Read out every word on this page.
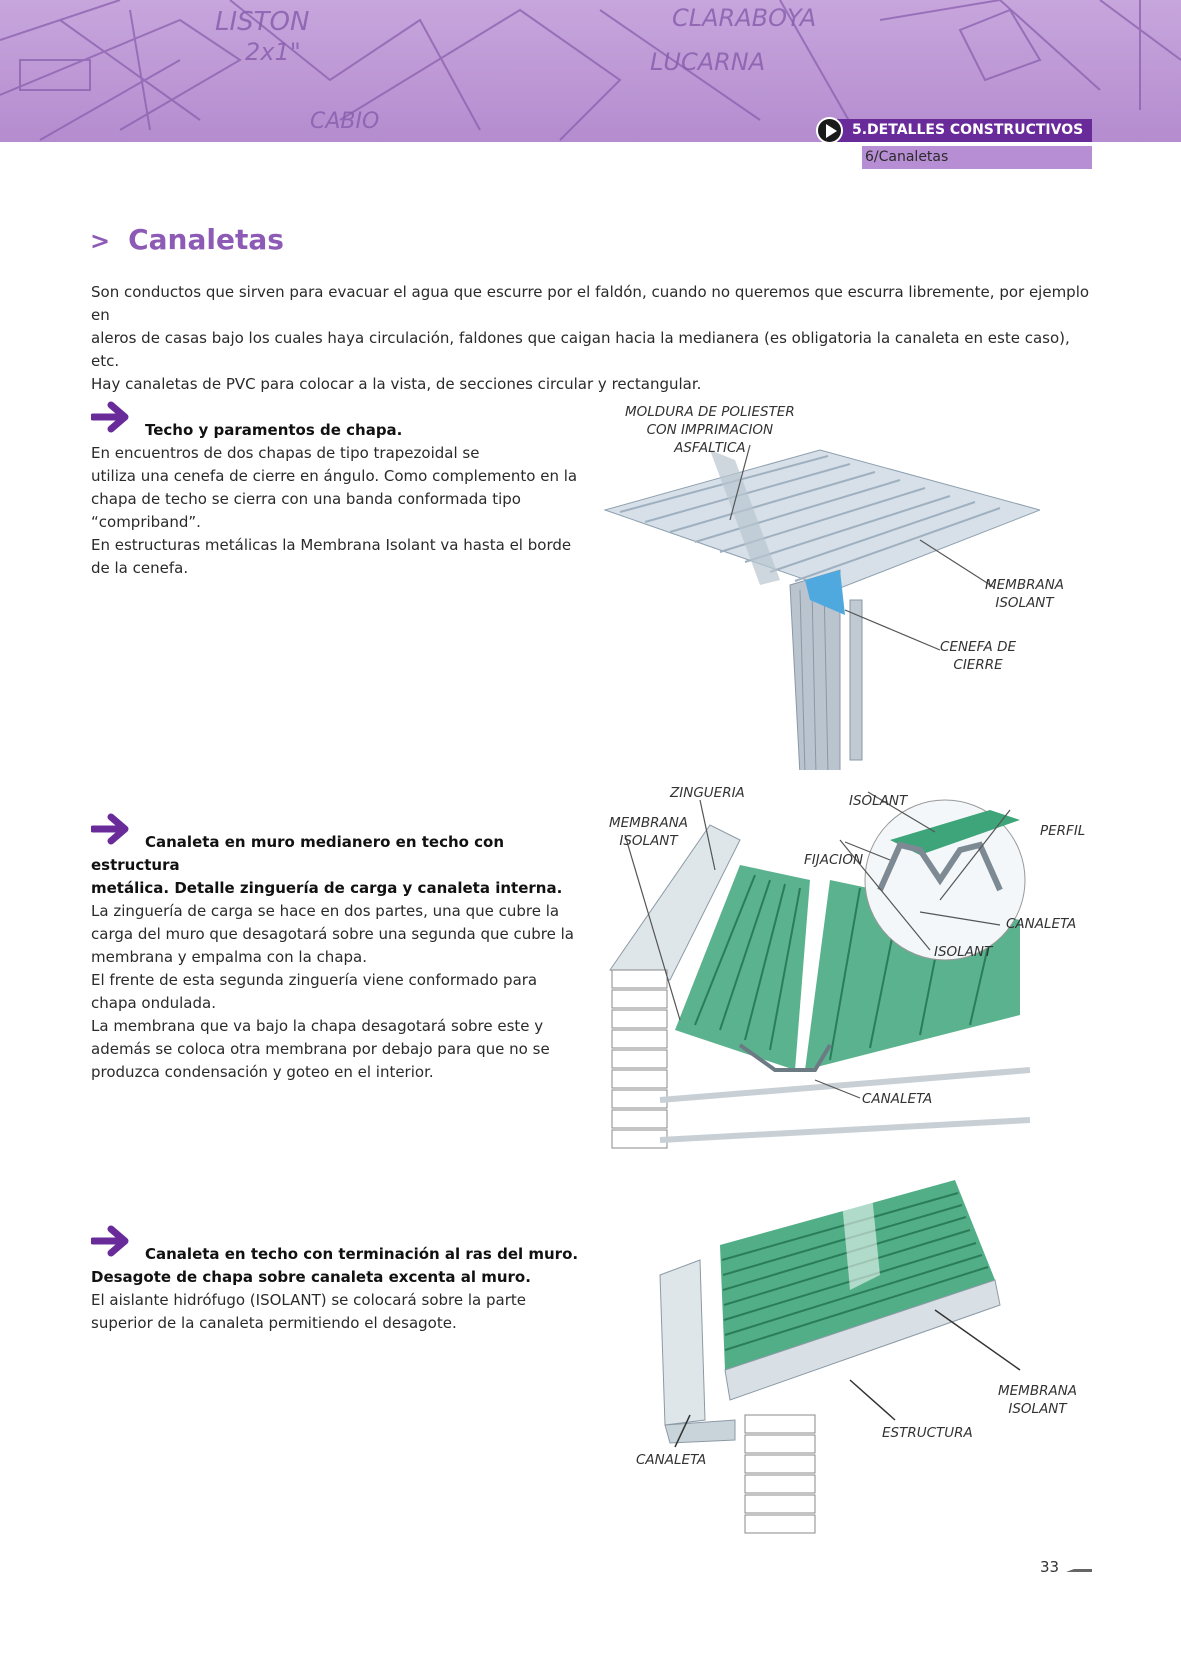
LISTON
2x1"
CABIO
CLARABOYA
LUCARNA
5.DETALLES CONSTRUCTIVOS
6/Canaletas
> Canaletas
Son conductos que sirven para evacuar el agua que escurre por el faldón, cuando no queremos que escurra libremente, por ejemplo en
aleros de casas bajo los cuales haya circulación, faldones que caigan hacia la medianera (es obligatoria la canaleta en este caso), etc.
Hay canaletas de PVC para colocar a la vista, de secciones circular y rectangular.

Techo y paramentos de chapa.

En encuentros de dos chapas de tipo trapezoidal se

utiliza una cenefa de cierre en ángulo. Como complemento en la

chapa de techo se cierra con una banda conformada tipo

“compriband”.

En estructuras metálicas la Membrana Isolant va hasta el borde

de la cenefa.

MOLDURA DE POLIESTER
CON IMPRIMACION
ASFALTICA
MEMBRANA
ISOLANT
CENEFA DE
CIERRE

Canaleta en muro medianero en techo con estructura

metálica. Detalle zinguería de carga y canaleta interna.

La zinguería de carga se hace en dos partes, una que cubre la

carga del muro que desagotará sobre una segunda que cubre la

membrana y empalma con la chapa.

El frente de esta segunda zinguería viene conformado para

chapa ondulada.

La membrana que va bajo la chapa desagotará sobre este y

además se coloca otra membrana por debajo para que no se

produzca condensación y goteo en el interior.

ZINGUERIA
MEMBRANA
ISOLANT
ISOLANT
PERFIL
FIJACION
CANALETA
ISOLANT
CANALETA

Canaleta en techo con terminación al ras del muro.

Desagote de chapa sobre canaleta excenta al muro.

El aislante hidrófugo (ISOLANT) se colocará sobre la parte

superior de la canaleta permitiendo el desagote.

MEMBRANA
ISOLANT
ESTRUCTURA
CANALETA
33
